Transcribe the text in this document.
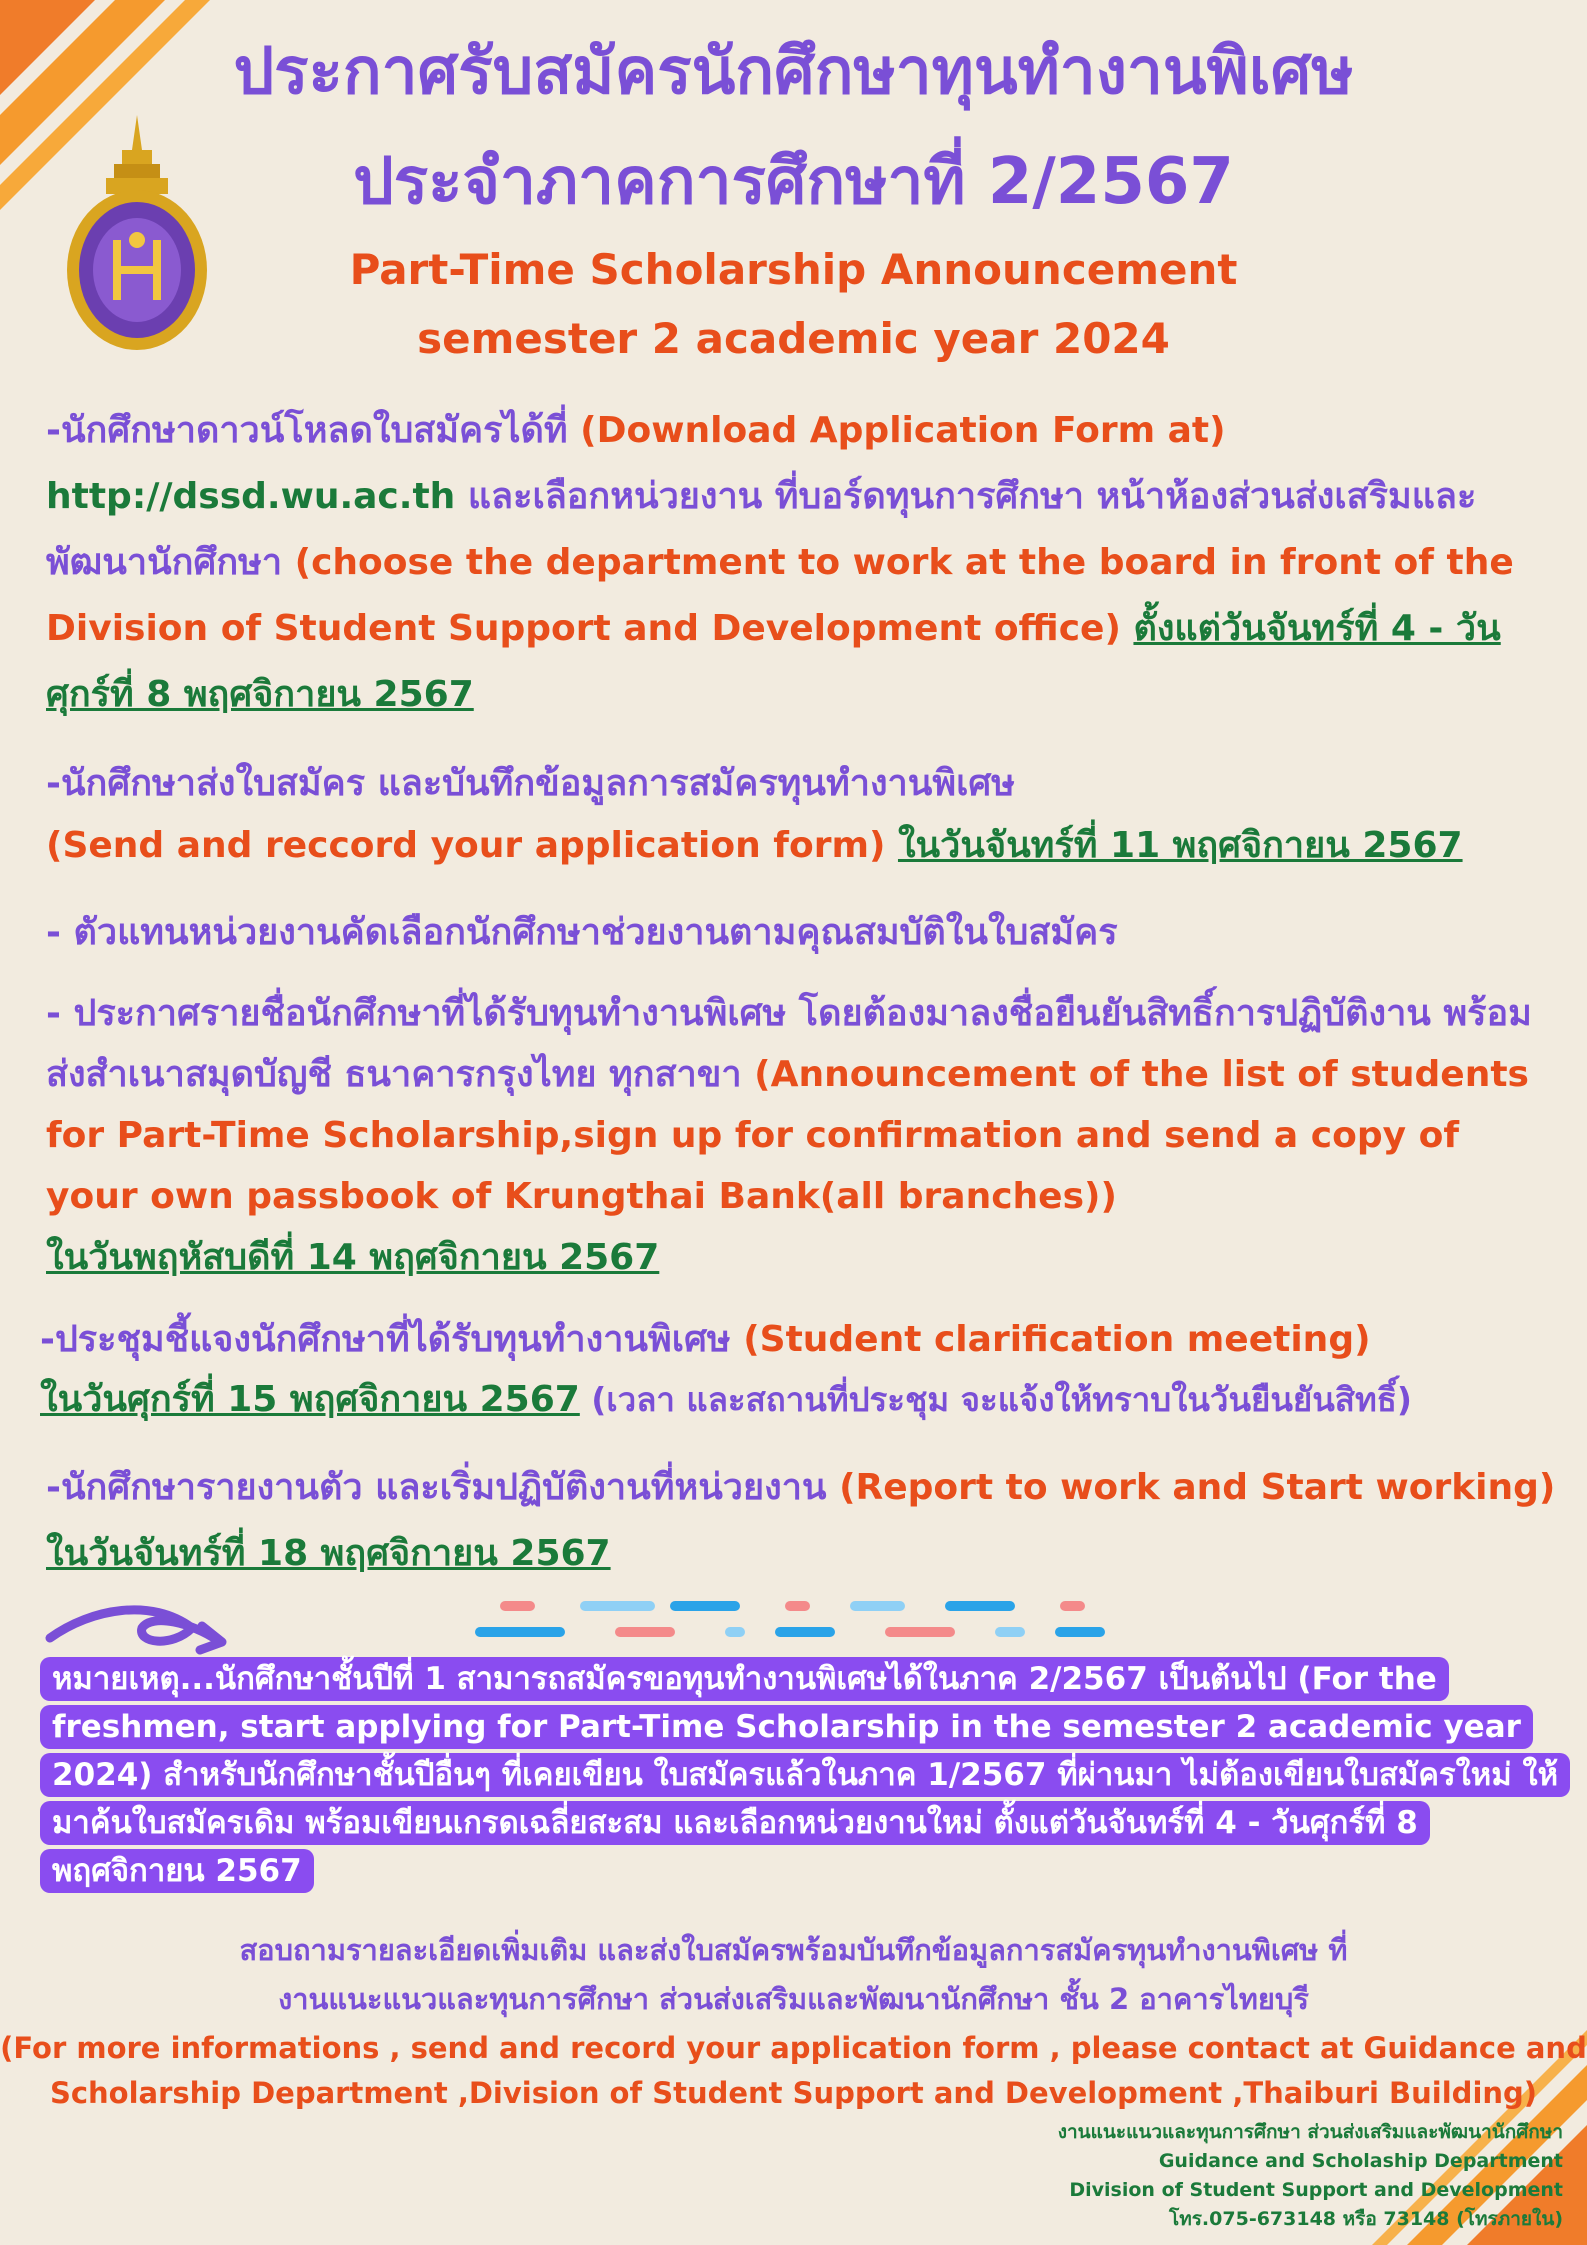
ประกาศรับสมัครนักศึกษาทุนทำงานพิเศษ
ประจำภาคการศึกษาที่ 2/2567
Part-Time Scholarship Announcement
semester 2 academic year 2024
-นักศึกษาดาวน์โหลดใบสมัครได้ที่ (Download Application Form at)
http://dssd.wu.ac.th และเลือกหน่วยงาน ที่บอร์ดทุนการศึกษา หน้าห้องส่วนส่งเสริมและพัฒนานักศึกษา (choose the department to work at the board in front of the Division of Student Support and Development office) ตั้งแต่วันจันทร์ที่ 4 - วันศุกร์ที่ 8 พฤศจิกายน 2567
-นักศึกษาส่งใบสมัคร และบันทึกข้อมูลการสมัครทุนทำงานพิเศษ
(Send and reccord your application form) ในวันจันทร์ที่ 11 พฤศจิกายน 2567
- ตัวแทนหน่วยงานคัดเลือกนักศึกษาช่วยงานตามคุณสมบัติในใบสมัคร
- ประกาศรายชื่อนักศึกษาที่ได้รับทุนทำงานพิเศษ โดยต้องมาลงชื่อยืนยันสิทธิ์การปฏิบัติงาน พร้อมส่งสำเนาสมุดบัญชี ธนาคารกรุงไทย ทุกสาขา (Announcement of the list of students for Part-Time Scholarship,sign up for confirmation and send a copy of your own passbook of Krungthai Bank(all branches))
ในวันพฤหัสบดีที่ 14 พฤศจิกายน 2567
-ประชุมชี้แจงนักศึกษาที่ได้รับทุนทำงานพิเศษ (Student clarification meeting)
ในวันศุกร์ที่ 15 พฤศจิกายน 2567 (เวลา และสถานที่ประชุม จะแจ้งให้ทราบในวันยืนยันสิทธิ์)
-นักศึกษารายงานตัว และเริ่มปฏิบัติงานที่หน่วยงาน (Report to work and Start working) ในวันจันทร์ที่ 18 พฤศจิกายน 2567
หมายเหตุ...นักศึกษาชั้นปีที่ 1 สามารถสมัครขอทุนทำงานพิเศษได้ในภาค 2/2567 เป็นต้นไป (For the freshmen, start applying for Part-Time Scholarship in the semester 2 academic year 2024) สำหรับนักศึกษาชั้นปีอื่นๆ ที่เคยเขียน ใบสมัครแล้วในภาค 1/2567 ที่ผ่านมา ไม่ต้องเขียนใบสมัครใหม่ ให้มาค้นใบสมัครเดิม พร้อมเขียนเกรดเฉลี่ยสะสม และเลือกหน่วยงานใหม่ ตั้งแต่วันจันทร์ที่ 4 - วันศุกร์ที่ 8 พฤศจิกายน 2567
สอบถามรายละเอียดเพิ่มเติม และส่งใบสมัครพร้อมบันทึกข้อมูลการสมัครทุนทำงานพิเศษ ที่
งานแนะแนวและทุนการศึกษา ส่วนส่งเสริมและพัฒนานักศึกษา ชั้น 2 อาคารไทยบุรี
(For more informations , send and record your application form , please contact at Guidance and
Scholarship Department ,Division of Student Support and Development ,Thaiburi Building)
งานแนะแนวและทุนการศึกษา ส่วนส่งเสริมและพัฒนานักศึกษา
Guidance and Scholaship Department
Division of Student Support and Development
โทร.075-673148 หรือ 73148 (โทรภายใน)
